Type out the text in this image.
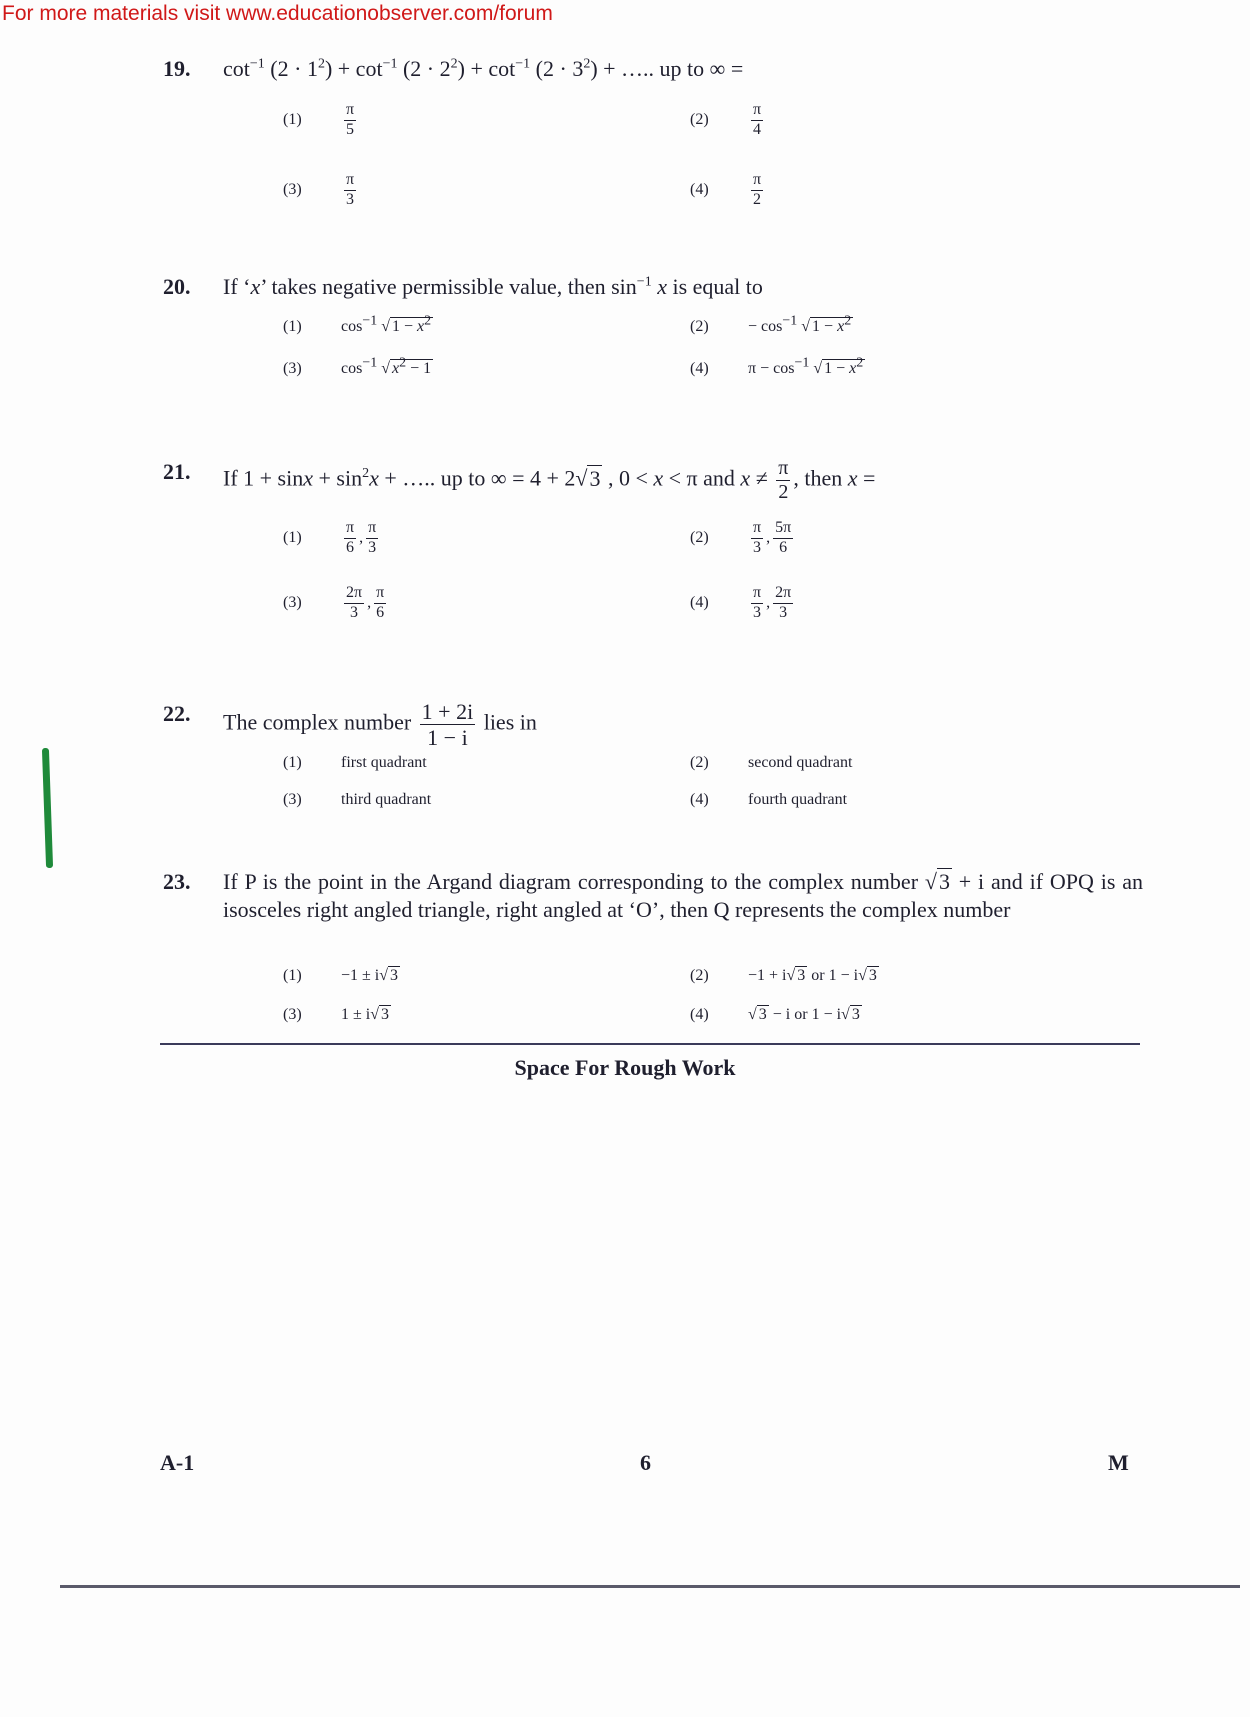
For more materials visit www.educationobserver.com/forum
19. $\cot^{-1} (2 \cdot 1^2) + \cot^{-1} (2 \cdot 2^2) + \cot^{-1} (2 \cdot 3^2)$ + ….. up to ∞ =
(1)	$\frac{\pi}{5}$	(2)	$\frac{\pi}{4}$
(3)	$\frac{\pi}{3}$	(4)	$\frac{\pi}{2}$
20. If ‘x’ takes negative permissible value, then $\sin^{-1} x$ is equal to
(1) $\cos^{-1}$ √ $1 - x^2$	$(2) - \cos^{-1}$ √ $1 - x^2$
(3) $\cos^{-1}$ √ $x^2 - 1$	(4) $\pi - \cos^{-1}$ √ $1 - x^2$
21. If $1 + \sin x + \sin^2x$ + ….. up to ∞ = 4 + 2√3 , 0 < x < π and $x \ne \frac{\pi}{2}$ , then x =
(1)	$\frac{\pi}{6}$ , $\frac{\pi}{3}$	(2)	$\frac{\pi}{3}$ , $\frac{5\pi}{6}$
(3)	$\frac{2\pi}{3}$ , $\frac{\pi}{6}$	(4)	$\frac{\pi}{3}$ , $\frac{2\pi}{3}$
22. The complex number $\frac{1 + 2i}{1 - i}$ lies in
(1) first quadrant	(2) second quadrant
(3) third quadrant	(4) fourth quadrant
23. If P is the point in the Argand diagram corresponding to the complex number √3 + i and if OPQ is an isosceles right angled triangle, right angled at ‘O’, then Q represents the complex number
(1) −1 ± i√ 3	(2) −1 + i√ 3 or 1 − i√ 3
(3) 1 ± i√ 3	(4) √ 3 − i or 1 − i√ 3
Space For Rough Work
A-1	6	M
